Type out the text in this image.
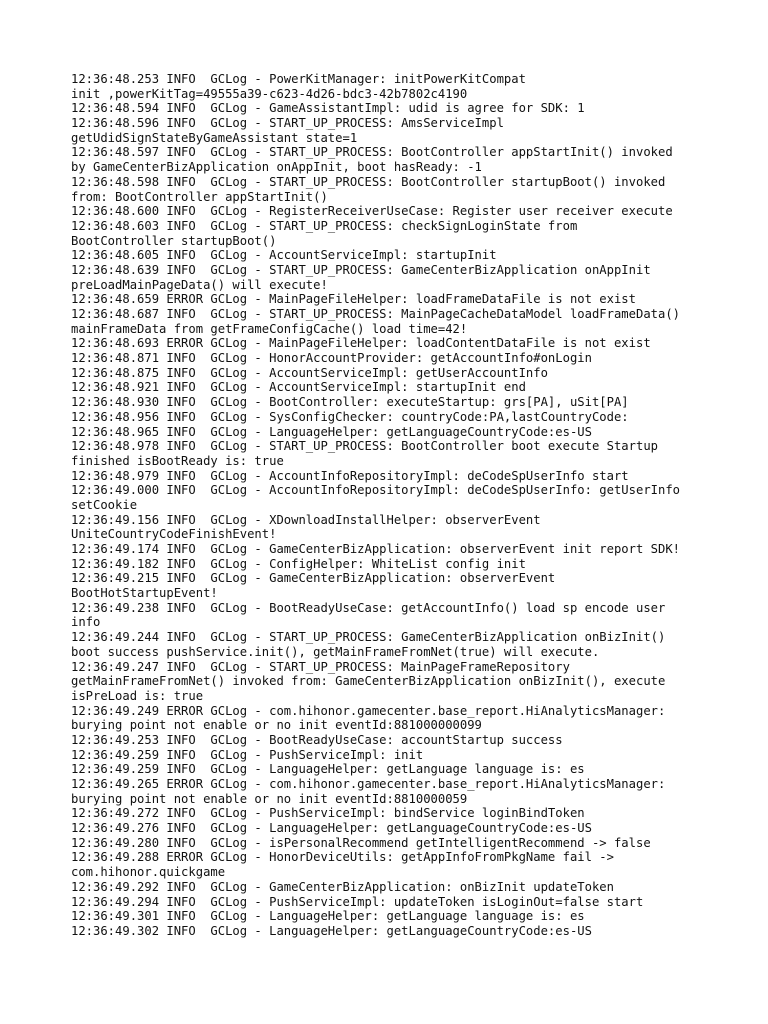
12:36:48.253 INFO  GCLog - PowerKitManager: initPowerKitCompat
init ,powerKitTag=49555a39-c623-4d26-bdc3-42b7802c4190
12:36:48.594 INFO  GCLog - GameAssistantImpl: udid is agree for SDK: 1
12:36:48.596 INFO  GCLog - START_UP_PROCESS: AmsServiceImpl
getUdidSignStateByGameAssistant state=1
12:36:48.597 INFO  GCLog - START_UP_PROCESS: BootController appStartInit() invoked
by GameCenterBizApplication onAppInit, boot hasReady: -1
12:36:48.598 INFO  GCLog - START_UP_PROCESS: BootController startupBoot() invoked
from: BootController appStartInit()
12:36:48.600 INFO  GCLog - RegisterReceiverUseCase: Register user receiver execute
12:36:48.603 INFO  GCLog - START_UP_PROCESS: checkSignLoginState from
BootController startupBoot()
12:36:48.605 INFO  GCLog - AccountServiceImpl: startupInit
12:36:48.639 INFO  GCLog - START_UP_PROCESS: GameCenterBizApplication onAppInit
preLoadMainPageData() will execute!
12:36:48.659 ERROR GCLog - MainPageFileHelper: loadFrameDataFile is not exist
12:36:48.687 INFO  GCLog - START_UP_PROCESS: MainPageCacheDataModel loadFrameData()
mainFrameData from getFrameConfigCache() load time=42!
12:36:48.693 ERROR GCLog - MainPageFileHelper: loadContentDataFile is not exist
12:36:48.871 INFO  GCLog - HonorAccountProvider: getAccountInfo#onLogin
12:36:48.875 INFO  GCLog - AccountServiceImpl: getUserAccountInfo
12:36:48.921 INFO  GCLog - AccountServiceImpl: startupInit end
12:36:48.930 INFO  GCLog - BootController: executeStartup: grs[PA], uSit[PA]
12:36:48.956 INFO  GCLog - SysConfigChecker: countryCode:PA,lastCountryCode:
12:36:48.965 INFO  GCLog - LanguageHelper: getLanguageCountryCode:es-US
12:36:48.978 INFO  GCLog - START_UP_PROCESS: BootController boot execute Startup
finished isBootReady is: true
12:36:48.979 INFO  GCLog - AccountInfoRepositoryImpl: deCodeSpUserInfo start
12:36:49.000 INFO  GCLog - AccountInfoRepositoryImpl: deCodeSpUserInfo: getUserInfo
setCookie
12:36:49.156 INFO  GCLog - XDownloadInstallHelper: observerEvent
UniteCountryCodeFinishEvent!
12:36:49.174 INFO  GCLog - GameCenterBizApplication: observerEvent init report SDK!
12:36:49.182 INFO  GCLog - ConfigHelper: WhiteList config init
12:36:49.215 INFO  GCLog - GameCenterBizApplication: observerEvent
BootHotStartupEvent!
12:36:49.238 INFO  GCLog - BootReadyUseCase: getAccountInfo() load sp encode user
info
12:36:49.244 INFO  GCLog - START_UP_PROCESS: GameCenterBizApplication onBizInit()
boot success pushService.init(), getMainFrameFromNet(true) will execute.
12:36:49.247 INFO  GCLog - START_UP_PROCESS: MainPageFrameRepository
getMainFrameFromNet() invoked from: GameCenterBizApplication onBizInit(), execute
isPreLoad is: true
12:36:49.249 ERROR GCLog - com.hihonor.gamecenter.base_report.HiAnalyticsManager:
burying point not enable or no init eventId:881000000099
12:36:49.253 INFO  GCLog - BootReadyUseCase: accountStartup success
12:36:49.259 INFO  GCLog - PushServiceImpl: init
12:36:49.259 INFO  GCLog - LanguageHelper: getLanguage language is: es
12:36:49.265 ERROR GCLog - com.hihonor.gamecenter.base_report.HiAnalyticsManager:
burying point not enable or no init eventId:8810000059
12:36:49.272 INFO  GCLog - PushServiceImpl: bindService loginBindToken
12:36:49.276 INFO  GCLog - LanguageHelper: getLanguageCountryCode:es-US
12:36:49.280 INFO  GCLog - isPersonalRecommend getIntelligentRecommend -> false
12:36:49.288 ERROR GCLog - HonorDeviceUtils: getAppInfoFromPkgName fail ->
com.hihonor.quickgame
12:36:49.292 INFO  GCLog - GameCenterBizApplication: onBizInit updateToken
12:36:49.294 INFO  GCLog - PushServiceImpl: updateToken isLoginOut=false start
12:36:49.301 INFO  GCLog - LanguageHelper: getLanguage language is: es
12:36:49.302 INFO  GCLog - LanguageHelper: getLanguageCountryCode:es-US
